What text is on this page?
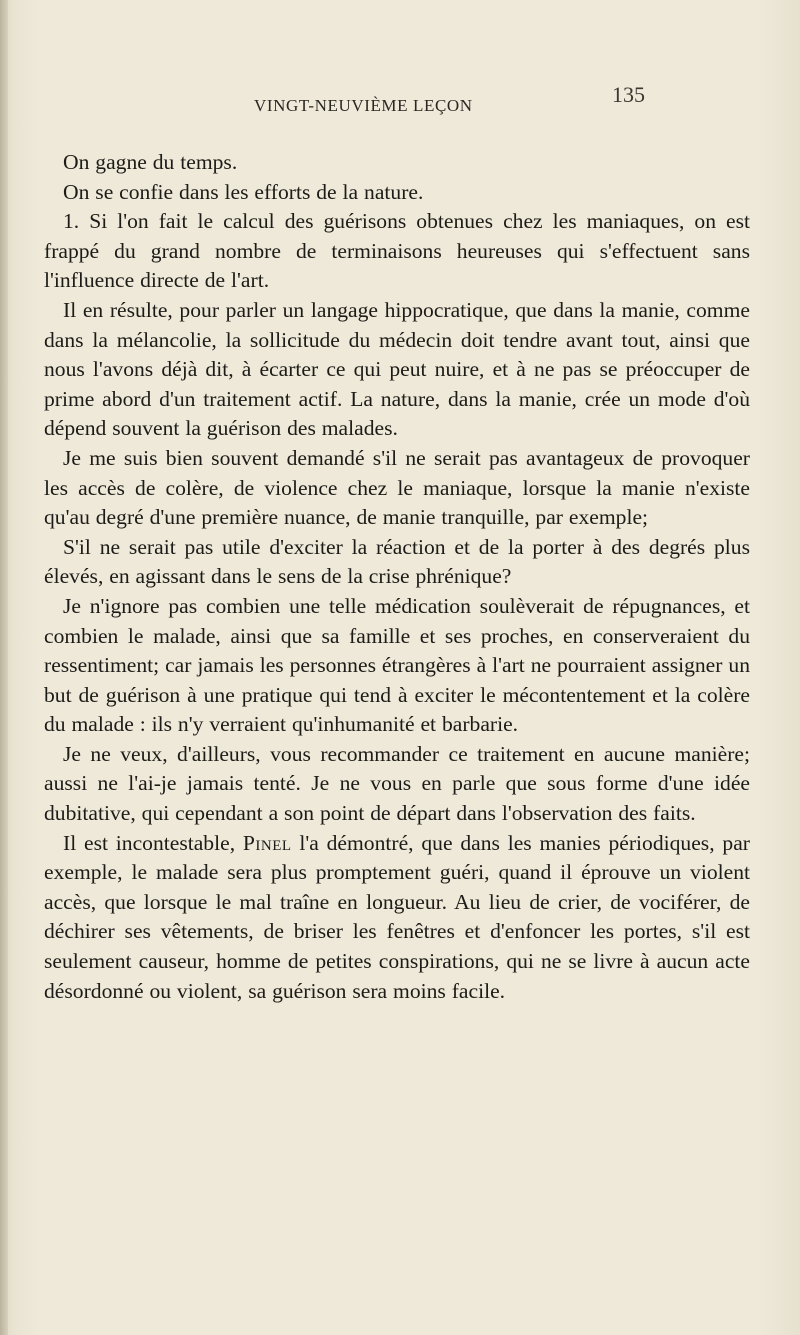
VINGT-NEUVIÈME LEÇON	135

On gagne du temps.

On se confie dans les efforts de la nature.

1. Si l'on fait le calcul des guérisons obtenues chez les maniaques, on est frappé du grand nombre de terminaisons heureuses qui s'effectuent sans l'influence directe de l'art.

Il en résulte, pour parler un langage hippocratique, que dans la manie, comme dans la mélancolie, la sollicitude du médecin doit tendre avant tout, ainsi que nous l'avons déjà dit, à écarter ce qui peut nuire, et à ne pas se préoccuper de prime abord d'un traitement actif. La nature, dans la manie, crée un mode d'où dépend souvent la guérison des malades.

Je me suis bien souvent demandé s'il ne serait pas avantageux de provoquer les accès de colère, de violence chez le maniaque, lorsque la manie n'existe qu'au degré d'une première nuance, de manie tranquille, par exemple;

S'il ne serait pas utile d'exciter la réaction et de la porter à des degrés plus élevés, en agissant dans le sens de la crise phrénique?

Je n'ignore pas combien une telle médication soulèverait de répugnances, et combien le malade, ainsi que sa famille et ses proches, en conserveraient du ressentiment; car jamais les personnes étrangères à l'art ne pourraient assigner un but de guérison à une pratique qui tend à exciter le mécontentement et la colère du malade : ils n'y verraient qu'inhumanité et barbarie.

Je ne veux, d'ailleurs, vous recommander ce traitement en aucune manière; aussi ne l'ai-je jamais tenté. Je ne vous en parle que sous forme d'une idée dubitative, qui cependant a son point de départ dans l'observation des faits.

Il est incontestable, Pinel l'a démontré, que dans les manies périodiques, par exemple, le malade sera plus promptement guéri, quand il éprouve un violent accès, que lorsque le mal traîne en longueur. Au lieu de crier, de vociférer, de déchirer ses vêtements, de briser les fenêtres et d'enfoncer les portes, s'il est seulement causeur, homme de petites conspirations, qui ne se livre à aucun acte désordonné ou violent, sa guérison sera moins facile.
